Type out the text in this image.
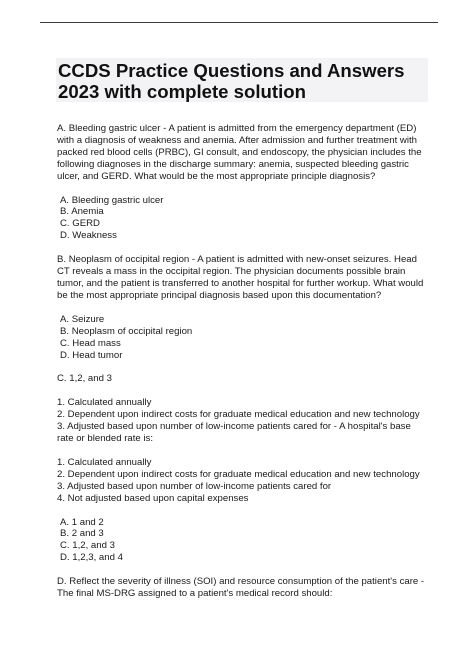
CCDS Practice Questions and Answers
2023 with complete solution

A. Bleeding gastric ulcer - A patient is admitted from the emergency department (ED)
with a diagnosis of weakness and anemia. After admission and further treatment with
packed red blood cells (PRBC), GI consult, and endoscopy, the physician includes the
following diagnoses in the discharge summary: anemia, suspected bleeding gastric
ulcer, and GERD. What would be the most appropriate principle diagnosis?

A. Bleeding gastric ulcer
B. Anemia
C. GERD
D. Weakness

B. Neoplasm of occipital region - A patient is admitted with new-onset seizures. Head
CT reveals a mass in the occipital region. The physician documents possible brain
tumor, and the patient is transferred to another hospital for further workup. What would
be the most appropriate principal diagnosis based upon this documentation?

A. Seizure
B. Neoplasm of occipital region
C. Head mass
D. Head tumor

C. 1,2, and 3

1. Calculated annually
2. Dependent upon indirect costs for graduate medical education and new technology
3. Adjusted based upon number of low-income patients cared for - A hospital's base
rate or blended rate is:

1. Calculated annually
2. Dependent upon indirect costs for graduate medical education and new technology
3. Adjusted based upon number of low-income patients cared for
4. Not adjusted based upon capital expenses

A. 1 and 2
B. 2 and 3
C. 1,2, and 3
D. 1,2,3, and 4

D. Reflect the severity of illness (SOI) and resource consumption of the patient's care -
The final MS-DRG assigned to a patient's medical record should:
